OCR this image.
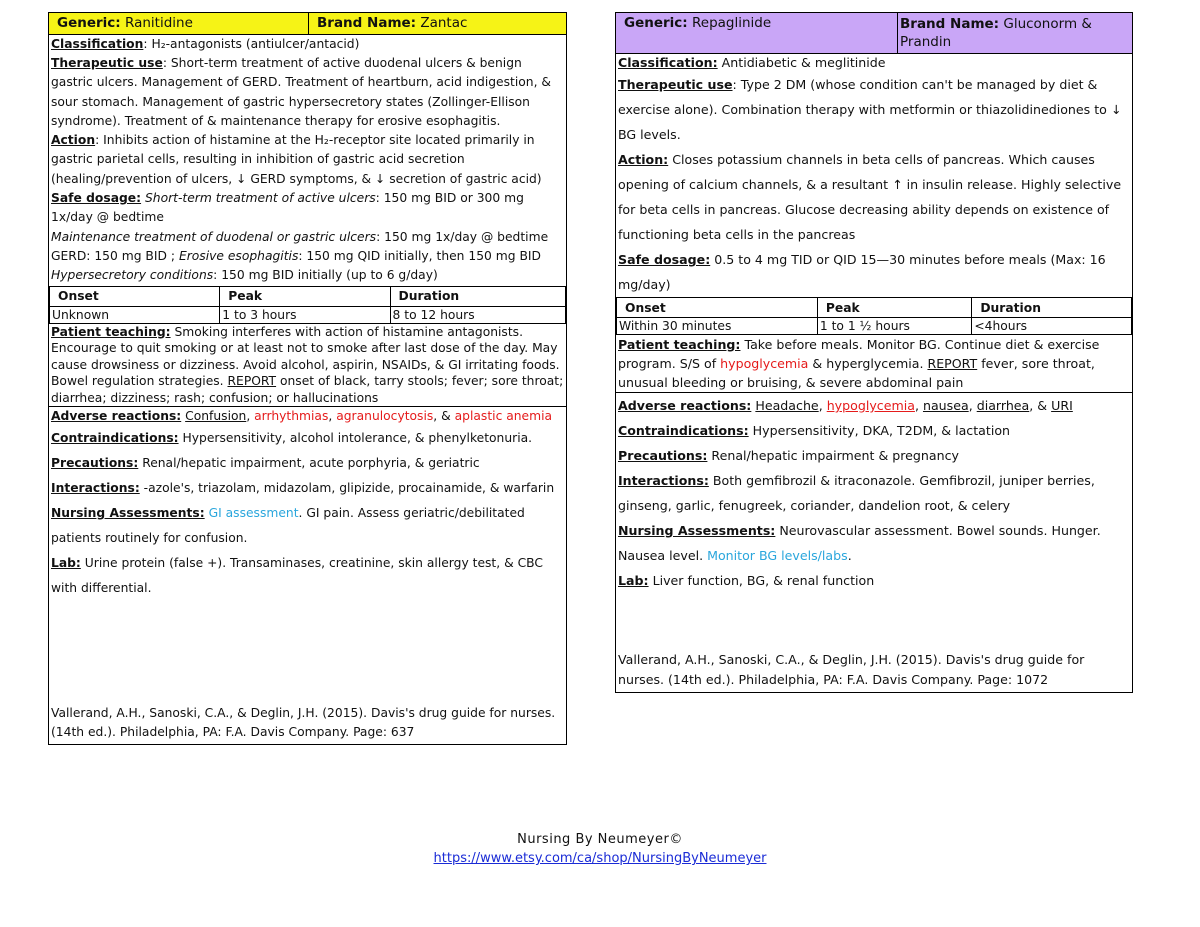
Generic: Ranitidine	Brand Name: Zantac

Classification: H₂-antagonists (antiulcer/antacid)

Therapeutic use: Short-term treatment of active duodenal ulcers & benign gastric ulcers. Management of GERD. Treatment of heartburn, acid indigestion, & sour stomach. Management of gastric hypersecretory states (Zollinger-Ellison syndrome). Treatment of & maintenance therapy for erosive esophagitis.

Action: Inhibits action of histamine at the H₂-receptor site located primarily in gastric parietal cells, resulting in inhibition of gastric acid secretion (healing/prevention of ulcers, ↓ GERD symptoms, & ↓ secretion of gastric acid)

Safe dosage: Short-term treatment of active ulcers: 150 mg BID or 300 mg 1x/day @ bedtime
Maintenance treatment of duodenal or gastric ulcers: 150 mg 1x/day @ bedtime
GERD: 150 mg BID ; Erosive esophagitis: 150 mg QID initially, then 150 mg BID
Hypersecretory conditions: 150 mg BID initially (up to 6 g/day)
Onset	Peak	Duration
Unknown	1 to 3 hours	8 to 12 hours
Patient teaching: Smoking interferes with action of histamine antagonists. Encourage to quit smoking or at least not to smoke after last dose of the day. May cause drowsiness or dizziness. Avoid alcohol, aspirin, NSAIDs, & GI irritating foods. Bowel regulation strategies. REPORT onset of black, tarry stools; fever; sore throat; diarrhea; dizziness; rash; confusion; or hallucinations
Adverse reactions: Confusion, arrhythmias, agranulocytosis, & aplastic anemia

Contraindications: Hypersensitivity, alcohol intolerance, & phenylketonuria.

Precautions: Renal/hepatic impairment, acute porphyria, & geriatric

Interactions: -azole's, triazolam, midazolam, glipizide, procainamide, & warfarin

Nursing Assessments: GI assessment. GI pain. Assess geriatric/debilitated patients routinely for confusion.

Lab: Urine protein (false +). Transaminases, creatinine, skin allergy test, & CBC with differential.

Vallerand, A.H., Sanoski, C.A., & Deglin, J.H. (2015). Davis's drug guide for nurses. (14th ed.). Philadelphia, PA: F.A. Davis Company. Page: 637
Generic: Repaglinide	Brand Name: Gluconorm & Prandin

Classification: Antidiabetic & meglitinide

Therapeutic use: Type 2 DM (whose condition can't be managed by diet & exercise alone). Combination therapy with metformin or thiazolidinediones to ↓ BG levels.

Action: Closes potassium channels in beta cells of pancreas. Which causes opening of calcium channels, & a resultant ↑ in insulin release. Highly selective for beta cells in pancreas. Glucose decreasing ability depends on existence of functioning beta cells in the pancreas

Safe dosage: 0.5 to 4 mg TID or QID 15—30 minutes before meals (Max: 16 mg/day)

Onset	Peak	Duration
Within 30 minutes	1 to 1 ½ hours	<4hours
Patient teaching: Take before meals. Monitor BG. Continue diet & exercise program. S/S of hypoglycemia & hyperglycemia. REPORT fever, sore throat, unusual bleeding or bruising, & severe abdominal pain

Adverse reactions: Headache, hypoglycemia, nausea, diarrhea, & URI

Contraindications: Hypersensitivity, DKA, T2DM, & lactation

Precautions: Renal/hepatic impairment & pregnancy

Interactions: Both gemfibrozil & itraconazole. Gemfibrozil, juniper berries, ginseng, garlic, fenugreek, coriander, dandelion root, & celery

Nursing Assessments: Neurovascular assessment. Bowel sounds. Hunger. Nausea level. Monitor BG levels/labs.

Lab: Liver function, BG, & renal function

Vallerand, A.H., Sanoski, C.A., & Deglin, J.H. (2015). Davis's drug guide for nurses. (14th ed.). Philadelphia, PA: F.A. Davis Company. Page: 1072
Nursing By Neumeyer©
https://www.etsy.com/ca/shop/NursingByNeumeyer
